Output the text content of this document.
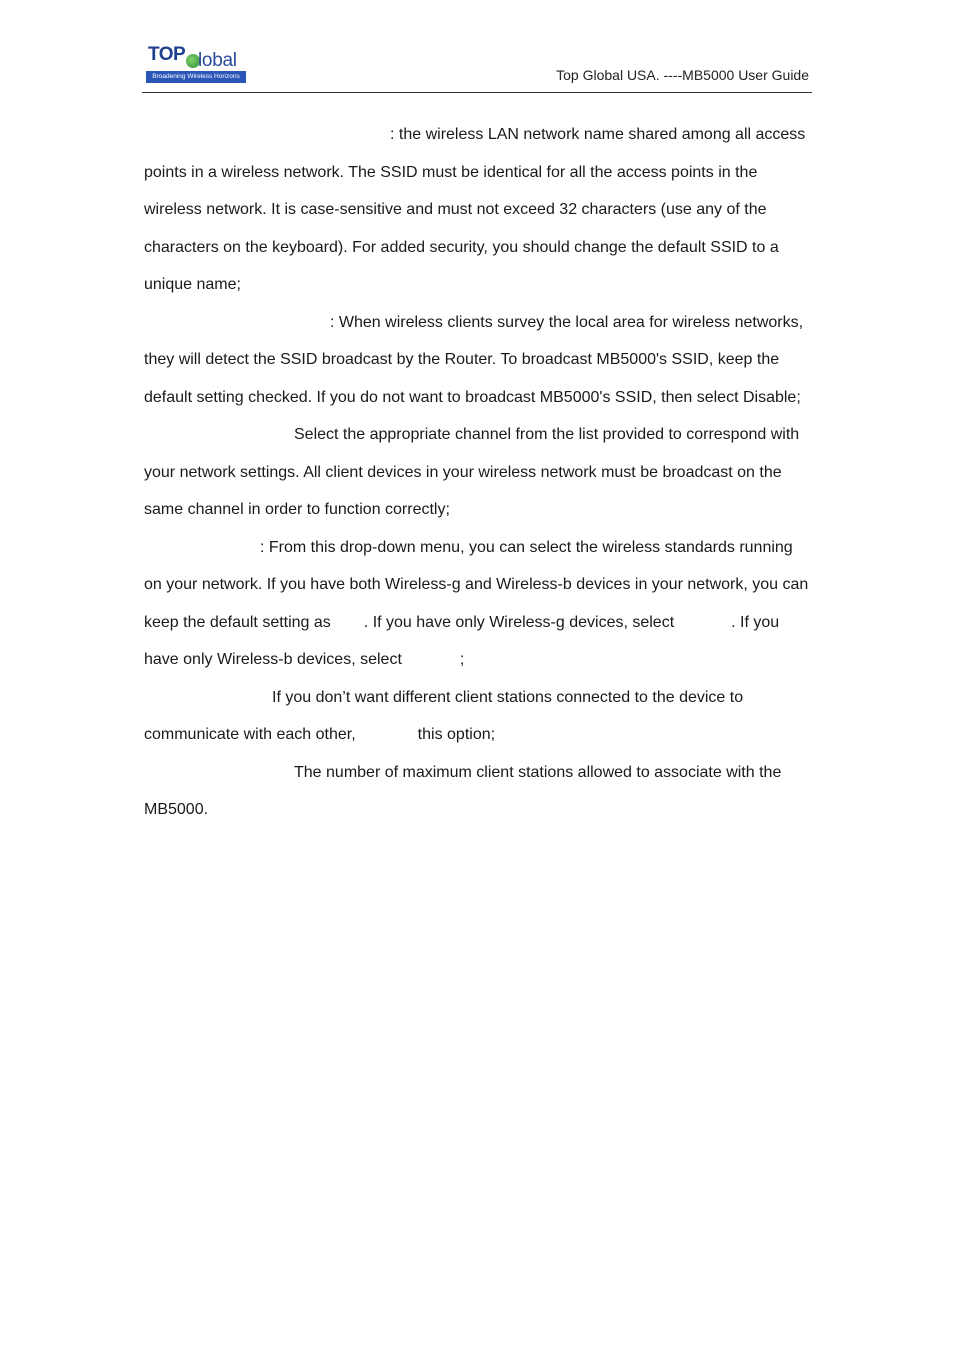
TOP lobal
Broadening Wireless Horizons	Top Global USA. ----MB5000 User Guide

: the wireless LAN network name shared among all access points in a wireless network. The SSID must be identical for all the access points in the wireless network. It is case-sensitive and must not exceed 32 characters (use any of the characters on the keyboard). For added security, you should change the default SSID to a unique name;

: When wireless clients survey the local area for wireless networks, they will detect the SSID broadcast by the Router. To broadcast MB5000's SSID, keep the default setting checked. If you do not want to broadcast MB5000's SSID, then select Disable;

Select the appropriate channel from the list provided to correspond with your network settings. All client devices in your wireless network must be broadcast on the same channel in order to function correctly;

: From this drop-down menu, you can select the wireless standards running on your network. If you have both Wireless-g and Wireless-b devices in your network, you can keep the default setting as . If you have only Wireless-g devices, select	. If you have only Wireless-b devices, select	;

If you don’t want different client stations connected to the device to communicate with each other,	this option;

The number of maximum client stations allowed to associate with the MB5000.
